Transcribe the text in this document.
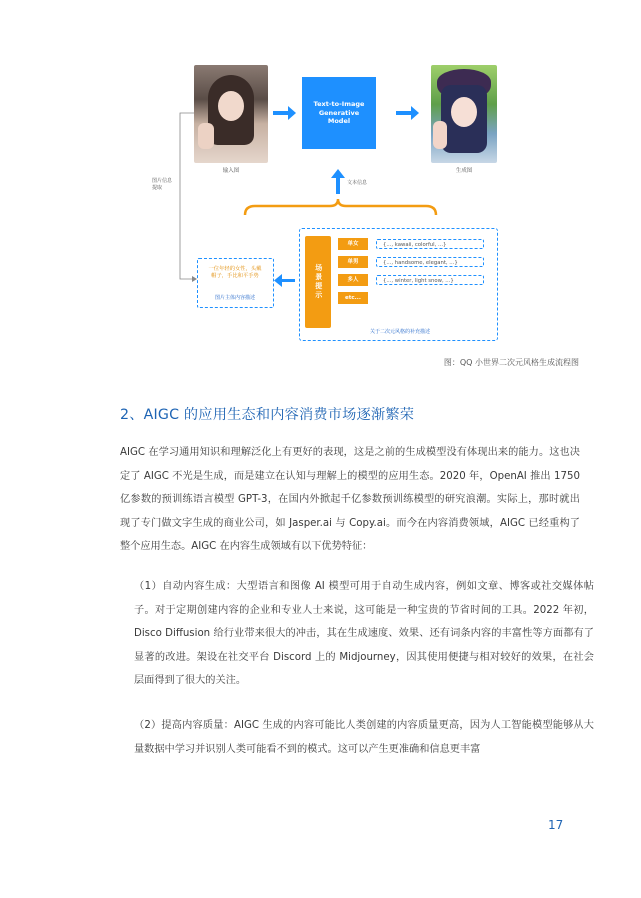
输入图
Text-to-Image
Generative
Model
生成图
图片信息
提取
文本信息
一位年轻的女性，头戴
帽子，手比和平手势
图片主体内容描述	场景提示
单女	{..., kawaii, colorful, ...}
单男	{..., handsome, elegant, ...}
多人	{..., winter, light snow, ...}
etc...
关于二次元风格的补充描述
图：QQ 小世界二次元风格生成流程图
2、AIGC 的应用生态和内容消费市场逐渐繁荣
AIGC 在学习通用知识和理解泛化上有更好的表现，这是之前的生成模型没有体现出来的能力。这也决定了 AIGC 不光是生成，而是建立在认知与理解上的模型的应用生态。2020 年，OpenAI 推出 1750 亿参数的预训练语言模型 GPT-3，在国内外掀起千亿参数预训练模型的研究浪潮。实际上，那时就出现了专门做文字生成的商业公司，如 Jasper.ai 与 Copy.ai。而今在内容消费领域，AIGC 已经重构了整个应用生态。AIGC 在内容生成领域有以下优势特征：
（1）自动内容生成：大型语言和图像 AI 模型可用于自动生成内容，例如文章、博客或社交媒体帖子。对于定期创建内容的企业和专业人士来说，这可能是一种宝贵的节省时间的工具。2022 年初，Disco Diffusion 给行业带来很大的冲击，其在生成速度、效果、还有词条内容的丰富性等方面都有了显著的改进。架设在社交平台 Discord 上的 Midjourney，因其使用便捷与相对较好的效果，在社会层面得到了很大的关注。
（2）提高内容质量：AIGC 生成的内容可能比人类创建的内容质量更高，因为人工智能模型能够从大量数据中学习并识别人类可能看不到的模式。这可以产生更准确和信息更丰富
17
